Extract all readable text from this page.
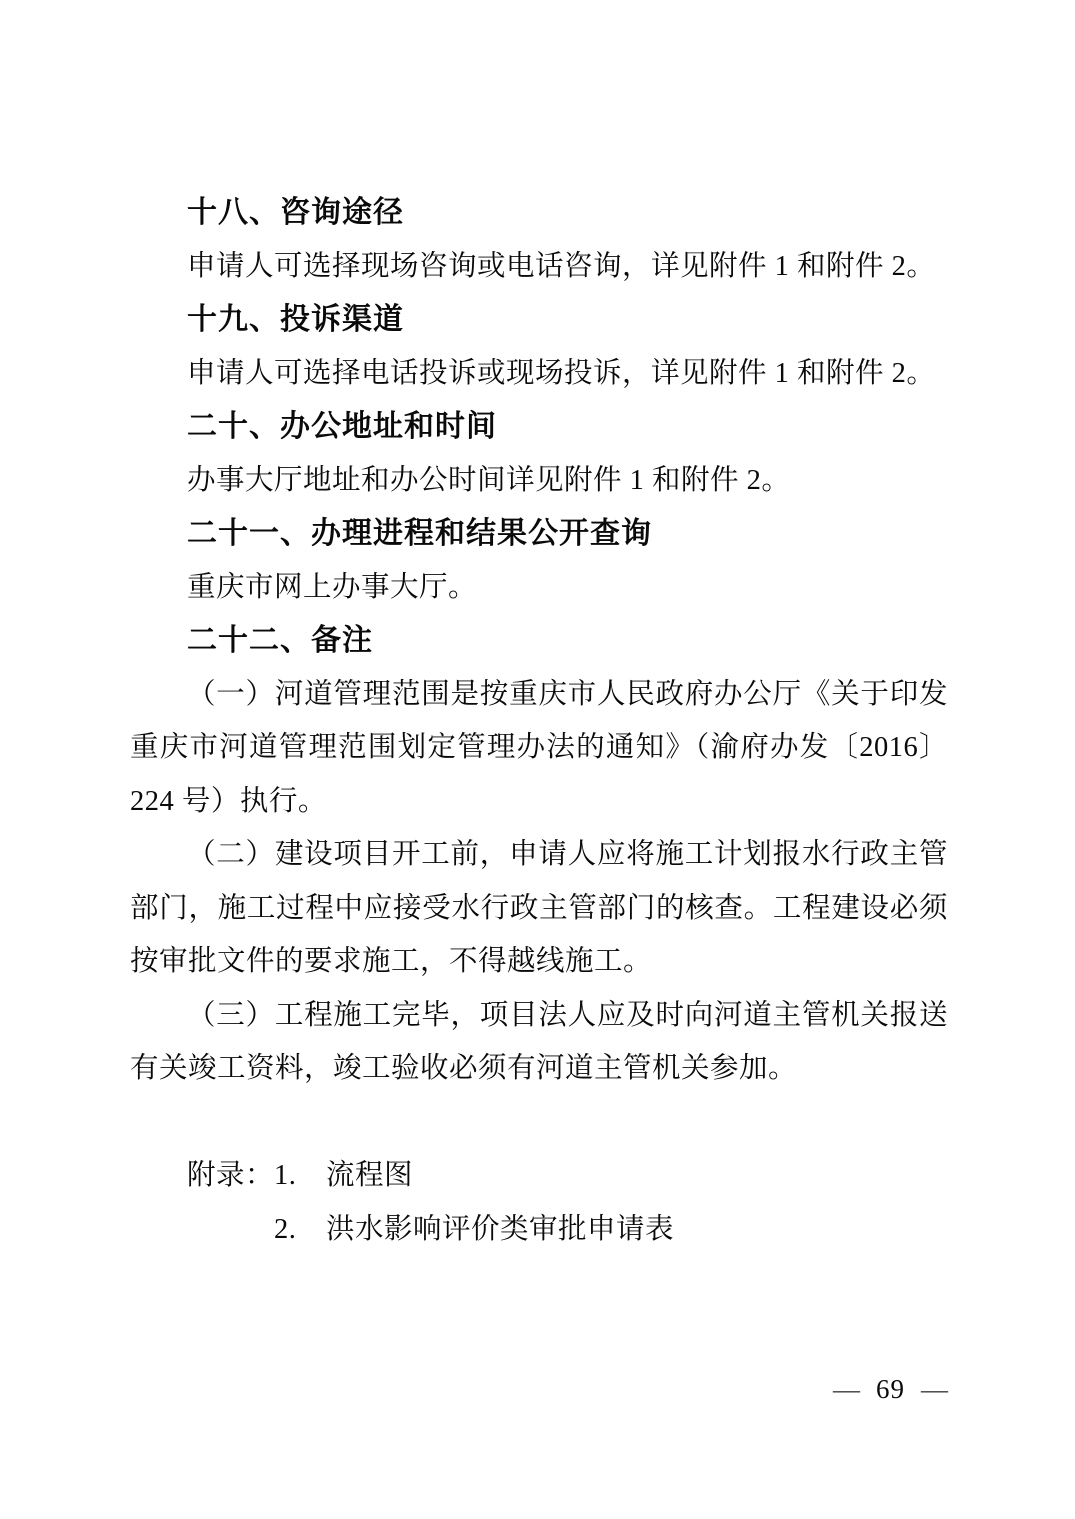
十八、咨询途径
申请人可选择现场咨询或电话咨询，详见附件 1 和附件 2。
十九、投诉渠道
申请人可选择电话投诉或现场投诉，详见附件 1 和附件 2。
二十、办公地址和时间
办事大厅地址和办公时间详见附件 1 和附件 2。
二十一、办理进程和结果公开查询
重庆市网上办事大厅。
二十二、备注
（一）河道管理范围是按重庆市人民政府办公厅《关于印发重庆市河道管理范围划定管理办法的通知》（渝府办发〔2016〕224 号）执行。
（二）建设项目开工前，申请人应将施工计划报水行政主管部门，施工过程中应接受水行政主管部门的核查。工程建设必须按审批文件的要求施工，不得越线施工。
（三）工程施工完毕，项目法人应及时向河道主管机关报送有关竣工资料，竣工验收必须有河道主管机关参加。
附录： 1. 流程图
2. 洪水影响评价类审批申请表
— 69 —
